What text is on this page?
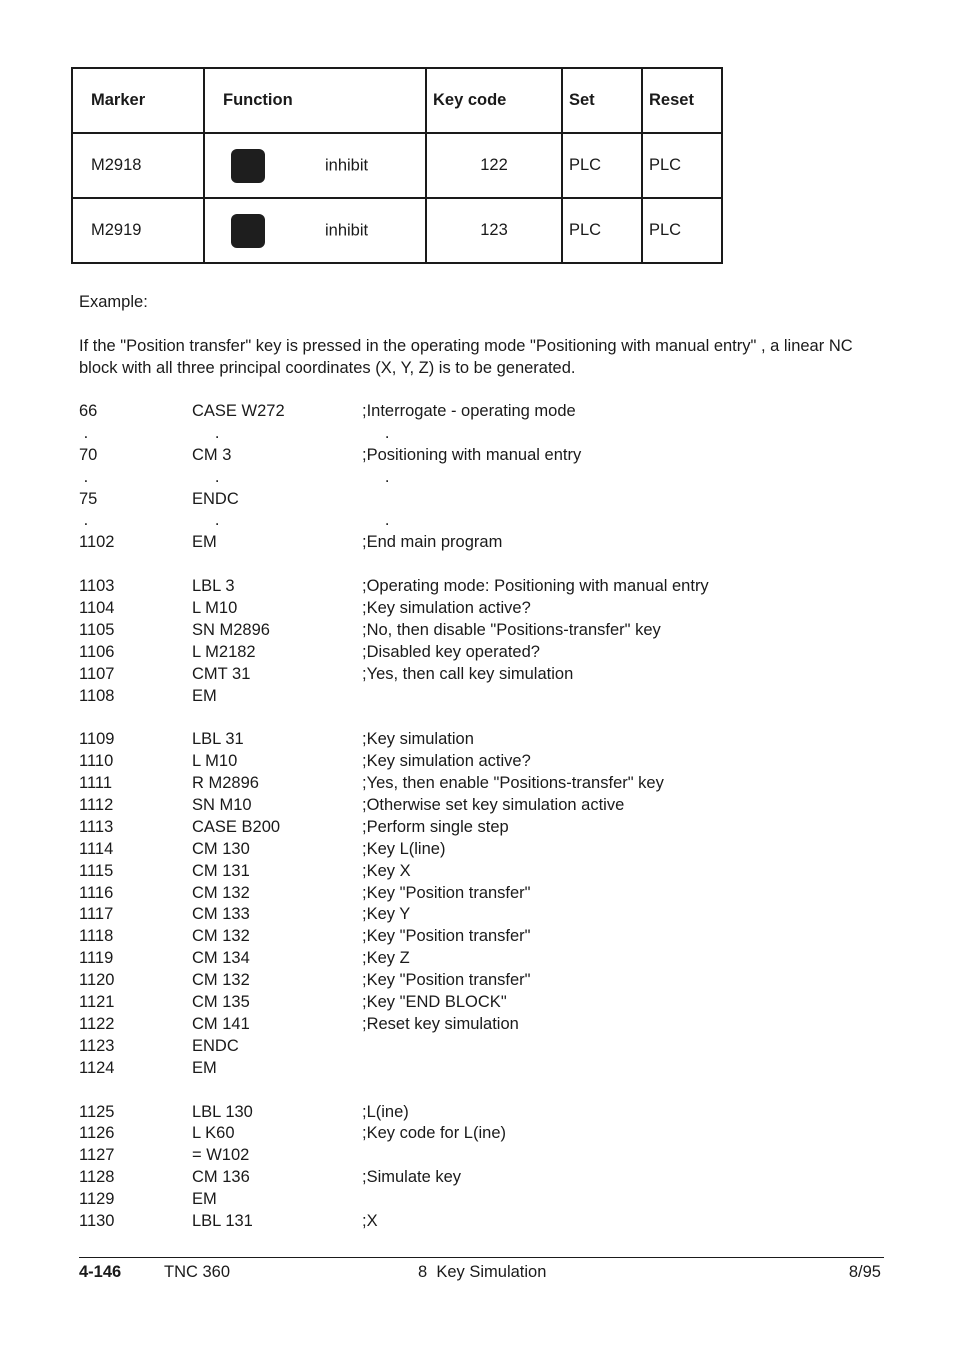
Marker	Function	Key code	Set	Reset
M2918	inhibit	122	PLC	PLC
M2919	inhibit	123	PLC	PLC
Example:
If the "Position transfer" key is pressed in the operating mode "Positioning with manual entry" , a linear NC block with all three principal coordinates (X, Y, Z) is to be generated.
66	CASE W272	;Interrogate - operating mode
.	.	.
70	CM 3	;Positioning with manual entry
.	.	.
75	ENDC
.	.	.
1102	EM	;End main program
1103	LBL 3	;Operating mode: Positioning with manual entry
1104	L M10	;Key simulation active?
1105	SN M2896	;No, then disable "Positions-transfer" key
1106	L M2182	;Disabled key operated?
1107	CMT 31	;Yes, then call key simulation
1108	EM
1109	LBL 31	;Key simulation
1110	L M10	;Key simulation active?
1111	R M2896	;Yes, then enable "Positions-transfer" key
1112	SN M10	;Otherwise set key simulation active
1113	CASE B200	;Perform single step
1114	CM 130	;Key L(line)
1115	CM 131	;Key X
1116	CM 132	;Key "Position transfer"
1117	CM 133	;Key Y
1118	CM 132	;Key "Position transfer"
1119	CM 134	;Key Z
1120	CM 132	;Key "Position transfer"
1121	CM 135	;Key "END BLOCK"
1122	CM 141	;Reset key simulation
1123	ENDC
1124	EM
1125	LBL 130	;L(ine)
1126	L K60	;Key code for L(ine)
1127	= W102
1128	CM 136	;Simulate key
1129	EM
1130	LBL 131	;X
4-146	TNC 360	8  Key Simulation	8/95
